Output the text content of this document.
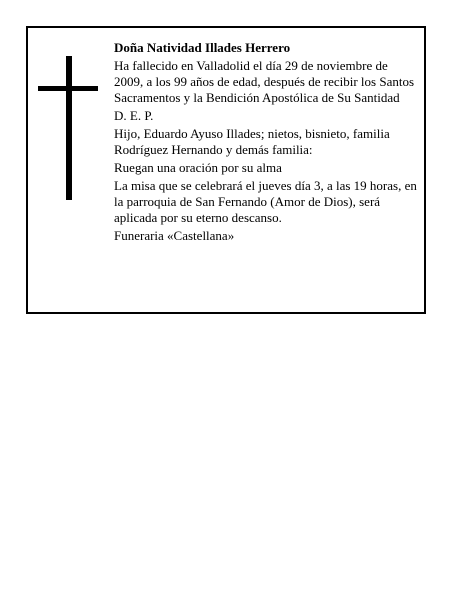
Doña Natividad Illades Herrero

Ha fallecido en Valladolid el día 29 de noviembre de 2009, a los 99 años de edad, después de recibir los Santos Sacramentos y la Bendición Apostólica de Su Santidad

D. E. P.

Hijo, Eduardo Ayuso Illades; nietos, bisnieto, familia Rodríguez Hernando y demás familia:

Ruegan una oración por su alma

La misa que se celebrará el jueves día 3, a las 19 horas, en la parroquia de San Fernando (Amor de Dios), será aplicada por su eterno descanso.

Funeraria «Castellana»
